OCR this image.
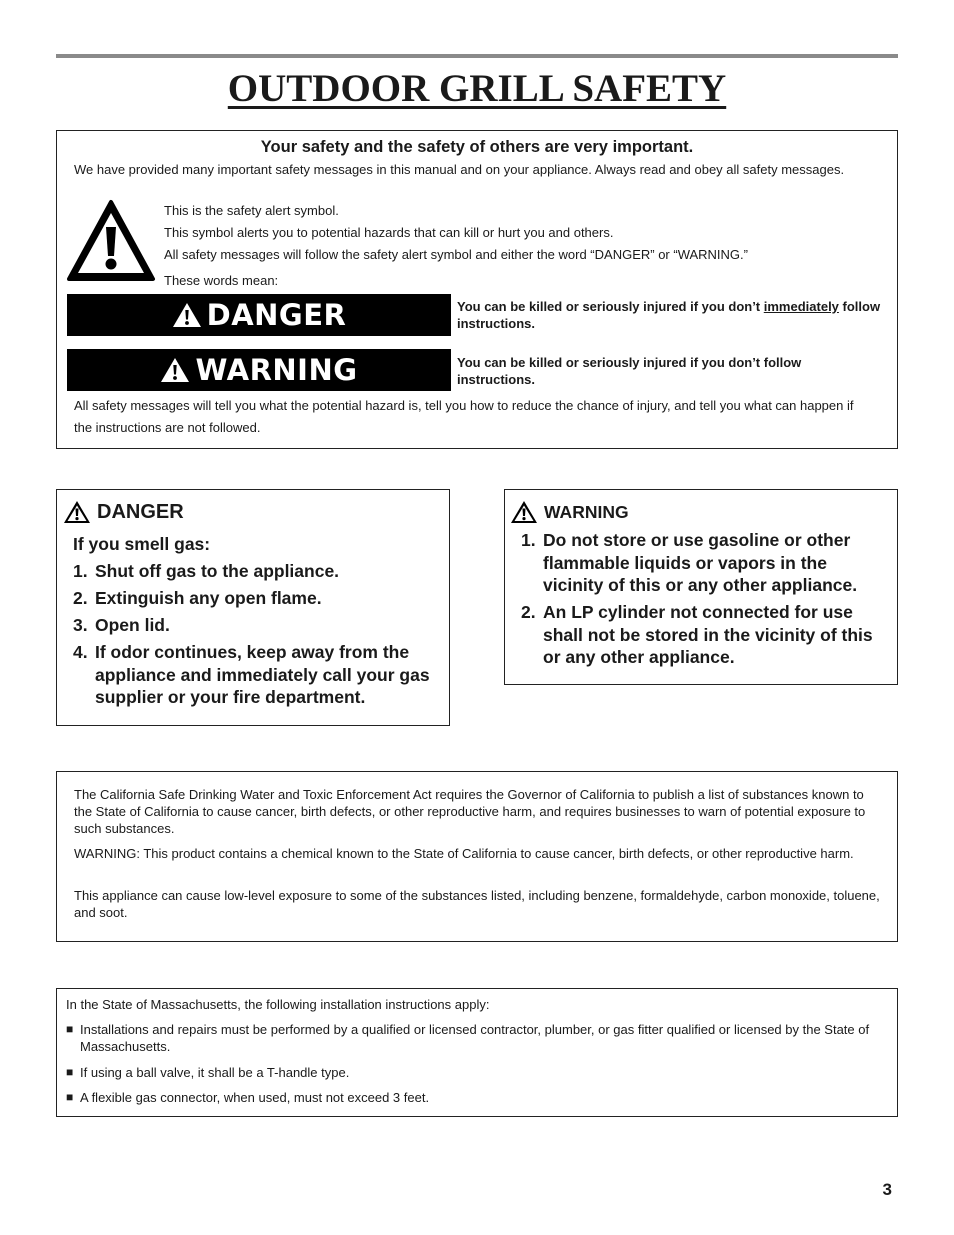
OUTDOOR GRILL SAFETY
Your safety and the safety of others are very important.
We have provided many important safety messages in this manual and on your appliance. Always read and obey all safety messages.
This is the safety alert symbol.
This symbol alerts you to potential hazards that can kill or hurt you and others.
All safety messages will follow the safety alert symbol and either the word “DANGER” or “WARNING.”
These words mean:
DANGER	You can be killed or seriously injured if you don’t immediately follow instructions.
WARNING	You can be killed or seriously injured if you don’t follow instructions.
All safety messages will tell you what the potential hazard is, tell you how to reduce the chance of injury, and tell you what can happen if the instructions are not followed.
DANGER
If you smell gas:
1. Shut off gas to the appliance.
2. Extinguish any open flame.
3. Open lid.
4. If odor continues, keep away from the appliance and immediately call your gas supplier or your fire department.
WARNING
1. Do not store or use gasoline or other flammable liquids or vapors in the vicinity of this or any other appliance.
2. An LP cylinder not connected for use shall not be stored in the vicinity of this or any other appliance.

The California Safe Drinking Water and Toxic Enforcement Act requires the Governor of California to publish a list of substances known to the State of California to cause cancer, birth defects, or other reproductive harm, and requires businesses to warn of potential exposure to such substances.

WARNING: This product contains a chemical known to the State of California to cause cancer, birth defects, or other reproductive harm.

This appliance can cause low-level exposure to some of the substances listed, including benzene, formaldehyde, carbon monoxide, toluene, and soot.

In the State of Massachusetts, the following installation instructions apply:
■ Installations and repairs must be performed by a qualified or licensed contractor, plumber, or gas fitter qualified or licensed by the State of Massachusetts.
■ If using a ball valve, it shall be a T-handle type.
■ A flexible gas connector, when used, must not exceed 3 feet.
3
